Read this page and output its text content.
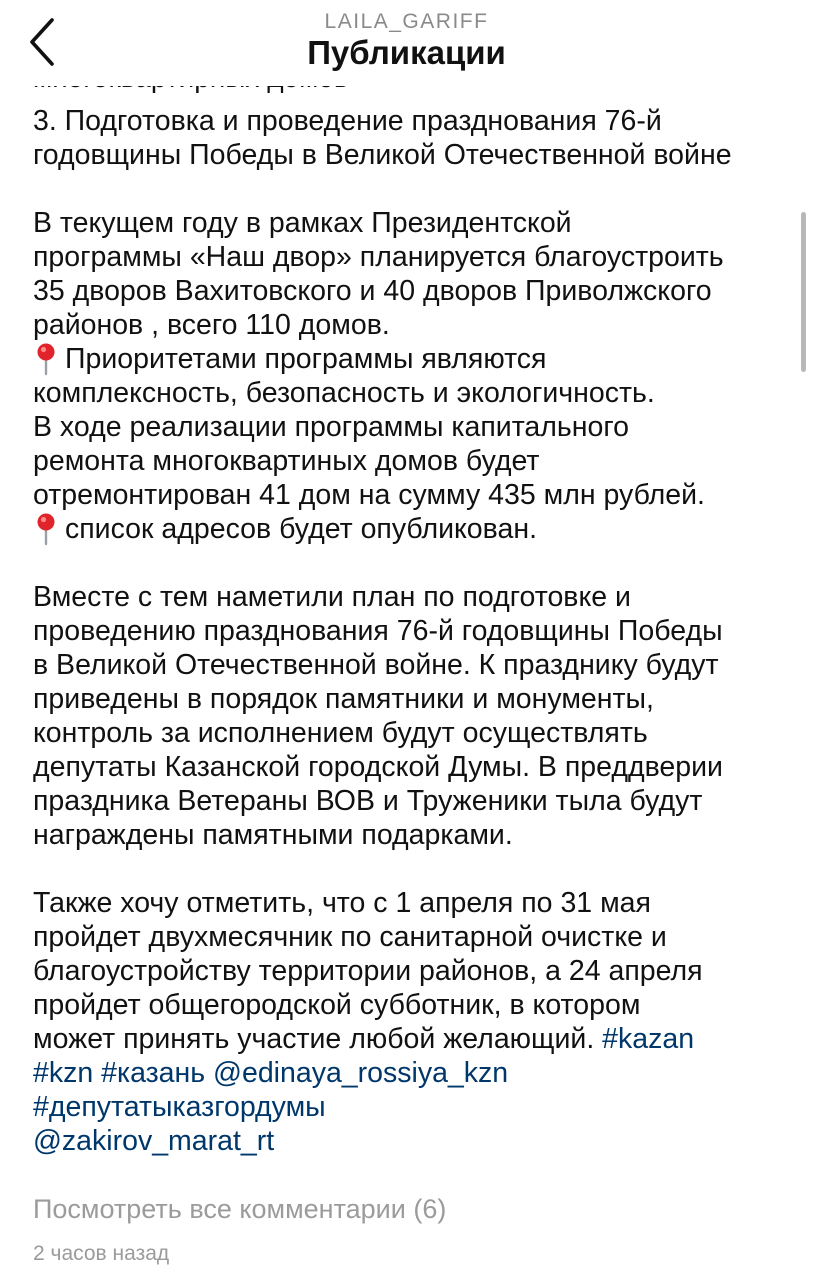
LAILA_GARIFF
Публикации

3. Подготовка и проведение празднования 76-й

годовщины Победы в Великой Отечественной войне

В текущем году в рамках Президентской

программы «Наш двор» планируется благоустроить

35 дворов Вахитовского и 40 дворов Приволжского

районов , всего 110 домов.

Приоритетами программы являются

комплексность, безопасность и экологичность.

В ходе реализации программы капитального

ремонта многоквартиных домов будет

отремонтирован 41 дом на сумму 435 млн рублей.

список адресов будет опубликован.

Вместе с тем наметили план по подготовке и

проведению празднования 76-й годовщины Победы

в Великой Отечественной войне. К празднику будут

приведены в порядок памятники и монументы,

контроль за исполнением будут осуществлять

депутаты Казанской городской Думы. В преддверии

праздника Ветераны ВОВ и Труженики тыла будут

награждены памятными подарками.

Также хочу отметить, что с 1 апреля по 31 мая

пройдет двухмесячник по санитарной очистке и

благоустройству территории районов, а 24 апреля

пройдет общегородской субботник, в котором

может принять участие любой желающий. #kazan

#kzn #казань @edinaya_rossiya_kzn

#депутатыказгордумы

@zakirov_marat_rt

Посмотреть все комментарии (6)
2 часов назад
